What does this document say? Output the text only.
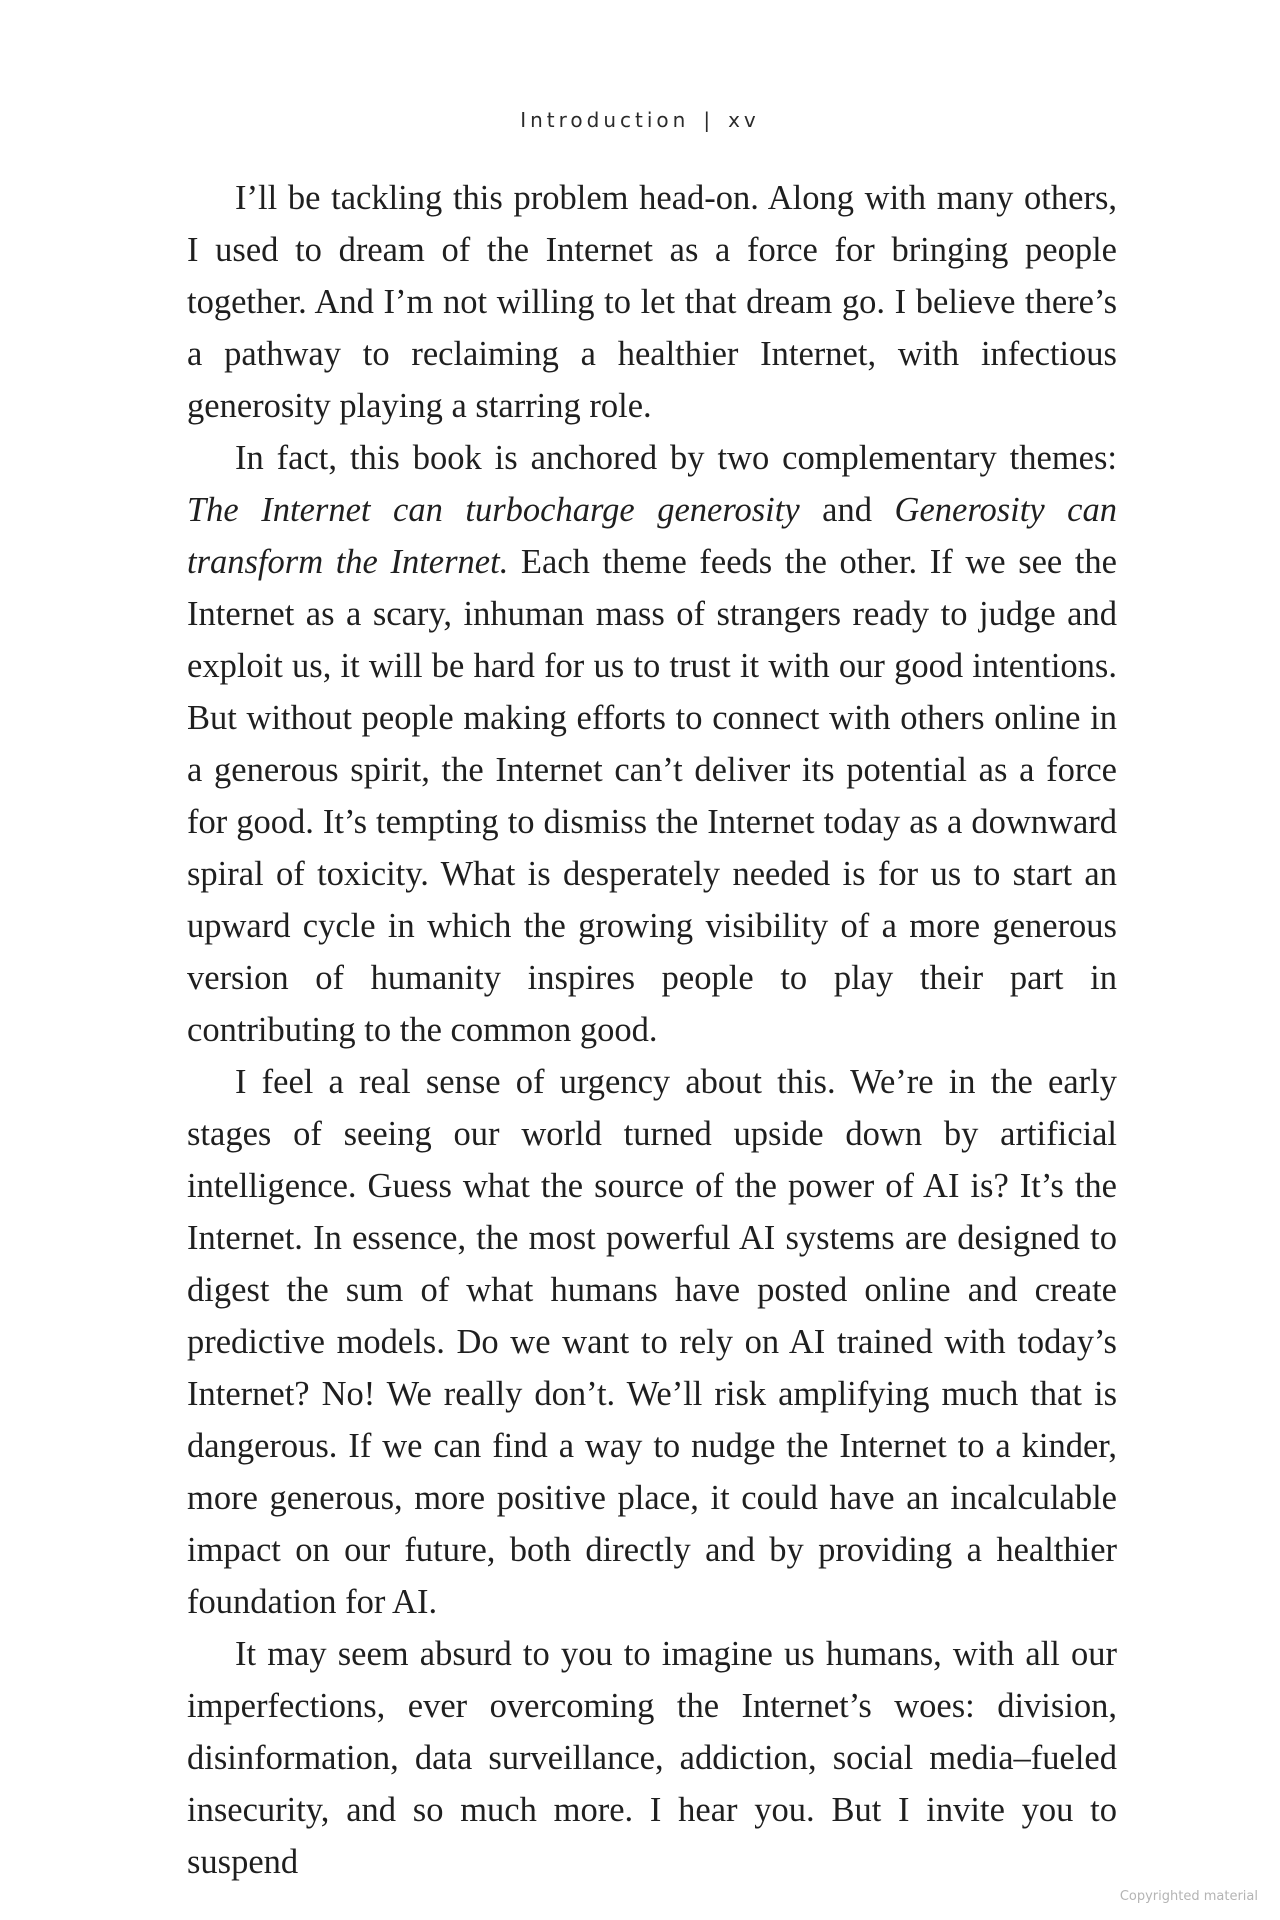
Introduction | xv

I’ll be tackling this problem head-on. Along with many others, I used to dream of the Internet as a force for bringing people together. And I’m not willing to let that dream go. I believe there’s a pathway to reclaiming a healthier Internet, with infectious generosity playing a starring role.

In fact, this book is anchored by two complementary themes: The Internet can turbocharge generosity and Generosity can transform the Internet. Each theme feeds the other. If we see the Internet as a scary, inhuman mass of strangers ready to judge and exploit us, it will be hard for us to trust it with our good intentions. But without people making efforts to connect with others online in a generous spirit, the Internet can’t deliver its potential as a force for good. It’s tempting to dismiss the Internet today as a downward spiral of toxicity. What is desperately needed is for us to start an upward cycle in which the growing visibility of a more generous version of humanity inspires people to play their part in contributing to the common good.

I feel a real sense of urgency about this. We’re in the early stages of seeing our world turned upside down by artificial intelligence. Guess what the source of the power of AI is? It’s the Internet. In essence, the most powerful AI systems are designed to digest the sum of what humans have posted online and create predictive models. Do we want to rely on AI trained with today’s Internet? No! We really don’t. We’ll risk amplifying much that is dangerous. If we can find a way to nudge the Internet to a kinder, more generous, more positive place, it could have an incalculable impact on our future, both directly and by providing a healthier foundation for AI.

It may seem absurd to you to imagine us humans, with all our imperfections, ever overcoming the Internet’s woes: division, disinformation, data surveillance, addiction, social media–fueled insecurity, and so much more. I hear you. But I invite you to suspend

Copyrighted material
